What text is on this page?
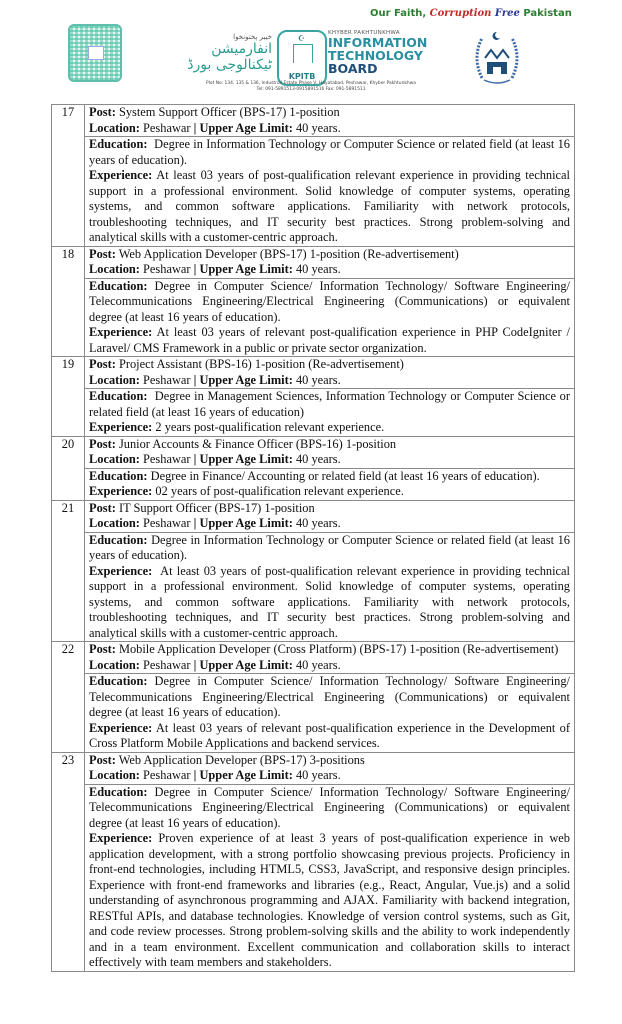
Our Faith, Corruption Free Pakistan
خیبر پختونخوا
انفارمیشن
ٹیکنالوجی بورڈ
☪
KPITB
KHYBER PAKHTUNKHWA
INFORMATION
TECHNOLOGY
BOARD
Plot No: 134, 135 & 136, Industrial Estate Phase V, Hayatabad, Peshawar, Khyber Pakhtunkhwa
Tel: 091-5891513-0915891516 Fax: 091-5891511
17	Post: System Support Officer (BPS-17) 1-position
Location: Peshawar | Upper Age Limit: 40 years.

	Education:  Degree in Information Technology or Computer Science or related field (at least 16 years of education).
Experience: At least 03 years of post-qualification relevant experience in providing technical support in a professional environment. Solid knowledge of computer systems, operating systems, and common software applications. Familiarity with network protocols, troubleshooting techniques, and IT security best practices. Strong problem-solving and analytical skills with a customer-centric approach.

18	Post: Web Application Developer (BPS-17) 1-position (Re-advertisement)
Location: Peshawar | Upper Age Limit: 40 years.

	Education: Degree in Computer Science/ Information Technology/ Software Engineering/ Telecommunications Engineering/Electrical Engineering (Communications) or equivalent degree (at least 16 years of education).
Experience: At least 03 years of relevant post-qualification experience in PHP CodeIgniter / Laravel/ CMS Framework in a public or private sector organization.

19	Post: Project Assistant (BPS-16) 1-position (Re-advertisement)
Location: Peshawar | Upper Age Limit: 40 years.

	Education:  Degree in Management Sciences, Information Technology or Computer Science or related field (at least 16 years of education)
Experience: 2 years post-qualification relevant experience.

20	Post: Junior Accounts & Finance Officer (BPS-16) 1-position
Location: Peshawar | Upper Age Limit: 40 years.

	Education: Degree in Finance/ Accounting or related field (at least 16 years of education).
Experience: 02 years of post-qualification relevant experience.

21	Post: IT Support Officer (BPS-17) 1-position
Location: Peshawar | Upper Age Limit: 40 years.

	Education: Degree in Information Technology or Computer Science or related field (at least 16 years of education).
Experience:  At least 03 years of post-qualification relevant experience in providing technical support in a professional environment. Solid knowledge of computer systems, operating systems, and common software applications. Familiarity with network protocols, troubleshooting techniques, and IT security best practices. Strong problem-solving and analytical skills with a customer-centric approach.

22	Post: Mobile Application Developer (Cross Platform) (BPS-17) 1-position (Re-advertisement)
Location: Peshawar | Upper Age Limit: 40 years.

	Education: Degree in Computer Science/ Information Technology/ Software Engineering/ Telecommunications Engineering/Electrical Engineering (Communications) or equivalent degree (at least 16 years of education).
Experience: At least 03 years of relevant post-qualification experience in the Development of Cross Platform Mobile Applications and backend services.

23	Post: Web Application Developer (BPS-17) 3-positions
Location: Peshawar | Upper Age Limit: 40 years.

	Education: Degree in Computer Science/ Information Technology/ Software Engineering/ Telecommunications Engineering/Electrical Engineering (Communications) or equivalent degree (at least 16 years of education).
Experience: Proven experience of at least 3 years of post-qualification experience in web application development, with a strong portfolio showcasing previous projects. Proficiency in front-end technologies, including HTML5, CSS3, JavaScript, and responsive design principles. Experience with front-end frameworks and libraries (e.g., React, Angular, Vue.js) and a solid understanding of asynchronous programming and AJAX. Familiarity with backend integration, RESTful APIs, and database technologies. Knowledge of version control systems, such as Git, and code review processes. Strong problem-solving skills and the ability to work independently and in a team environment. Excellent communication and collaboration skills to interact effectively with team members and stakeholders.
